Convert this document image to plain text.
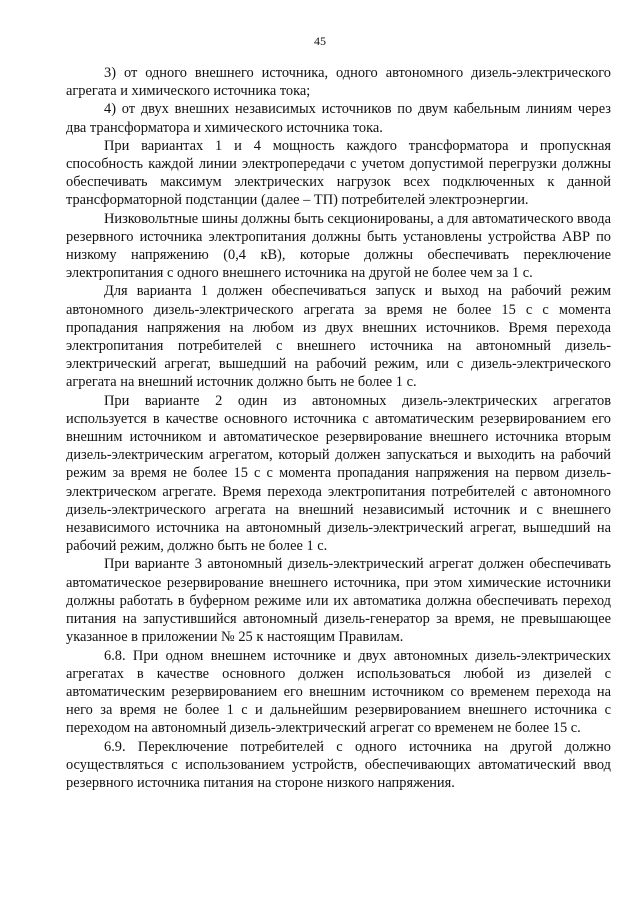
45

3) от одного внешнего источника, одного автономного дизель-электрического агрегата и химического источника тока;

4) от двух внешних независимых источников по двум кабельным линиям через два трансформатора и химического источника тока.

При вариантах 1 и 4 мощность каждого трансформатора и пропускная способность каждой линии электропередачи с учетом допустимой перегрузки должны обеспечивать максимум электрических нагрузок всех подключенных к данной трансформаторной подстанции (далее – ТП) потребителей электроэнергии.

Низковольтные шины должны быть секционированы, а для автоматического ввода резервного источника электропитания должны быть установлены устройства АВР по низкому напряжению (0,4 кВ), которые должны обеспечивать переключение электропитания с одного внешнего источника на другой не более чем за 1 с.

Для варианта 1 должен обеспечиваться запуск и выход на рабочий режим автономного дизель-электрического агрегата за время не более 15 с с момента пропадания напряжения на любом из двух внешних источников. Время перехода электропитания потребителей с внешнего источника на автономный дизель-электрический агрегат, вышедший на рабочий режим, или с дизель-электрического агрегата на внешний источник должно быть не более 1 с.

При варианте 2 один из автономных дизель-электрических агрегатов используется в качестве основного источника с автоматическим резервированием его внешним источником и автоматическое резервирование внешнего источника вторым дизель-электрическим агрегатом, который должен запускаться и выходить на рабочий режим за время не более 15 с с момента пропадания напряжения на первом дизель-электрическом агрегате. Время перехода электропитания потребителей с автономного дизель-электрического агрегата на внешний независимый источник и с внешнего независимого источника на автономный дизель-электрический агрегат, вышедший на рабочий режим, должно быть не более 1 с.

При варианте 3 автономный дизель-электрический агрегат должен обеспечивать автоматическое резервирование внешнего источника, при этом химические источники должны работать в буферном режиме или их автоматика должна обеспечивать переход питания на запустившийся автономный дизель-генератор за время, не превышающее указанное в приложении № 25 к настоящим Правилам.

6.8. При одном внешнем источнике и двух автономных дизель-электрических агрегатах в качестве основного должен использоваться любой из дизелей с автоматическим резервированием его внешним источником со временем перехода на него за время не более 1 с и дальнейшим резервированием внешнего источника с переходом на автономный дизель-электрический агрегат со временем не более 15 с.

6.9. Переключение потребителей с одного источника на другой должно осуществляться с использованием устройств, обеспечивающих автоматический ввод резервного источника питания на стороне низкого напряжения.
